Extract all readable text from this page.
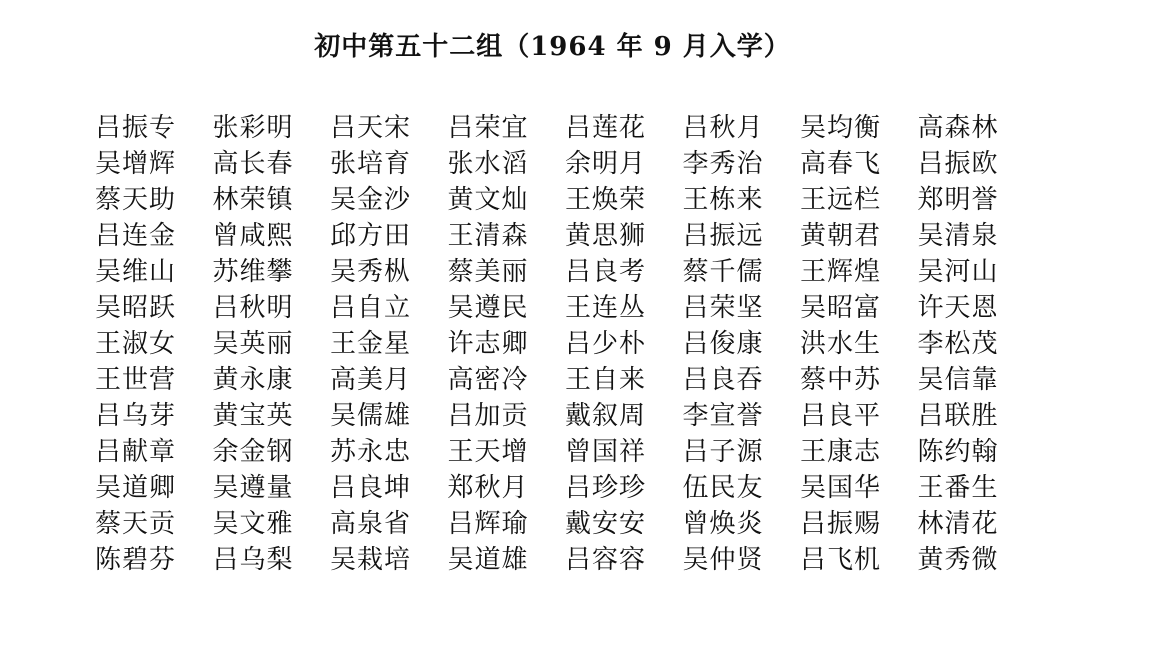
初中第五十二组（1964 年 9 月入学）
吕振专	张彩明	吕天宋	吕荣宜	吕莲花	吕秋月	吴均衡	高森林
吴增辉	高长春	张培育	张水滔	余明月	李秀治	高春飞	吕振欧
蔡天助	林荣镇	吴金沙	黄文灿	王焕荣	王栋来	王远栏	郑明誉
吕连金	曾咸熙	邱方田	王清森	黄思狮	吕振远	黄朝君	吴清泉
吴维山	苏维攀	吴秀枞	蔡美丽	吕良考	蔡千儒	王辉煌	吴河山
吴昭跃	吕秋明	吕自立	吴遵民	王连丛	吕荣坚	吴昭富	许天恩
王淑女	吴英丽	王金星	许志卿	吕少朴	吕俊康	洪水生	李松茂
王世营	黄永康	高美月	高密冷	王自来	吕良吞	蔡中苏	吴信靠
吕乌芽	黄宝英	吴儒雄	吕加贡	戴叙周	李宣誉	吕良平	吕联胜
吕献章	余金钢	苏永忠	王天增	曾国祥	吕子源	王康志	陈约翰
吴道卿	吴遵量	吕良坤	郑秋月	吕珍珍	伍民友	吴国华	王番生
蔡天贡	吴文雅	高泉省	吕辉瑜	戴安安	曾焕炎	吕振赐	林清花
陈碧芬	吕乌梨	吴栽培	吴道雄	吕容容	吴仲贤	吕飞机	黄秀微
